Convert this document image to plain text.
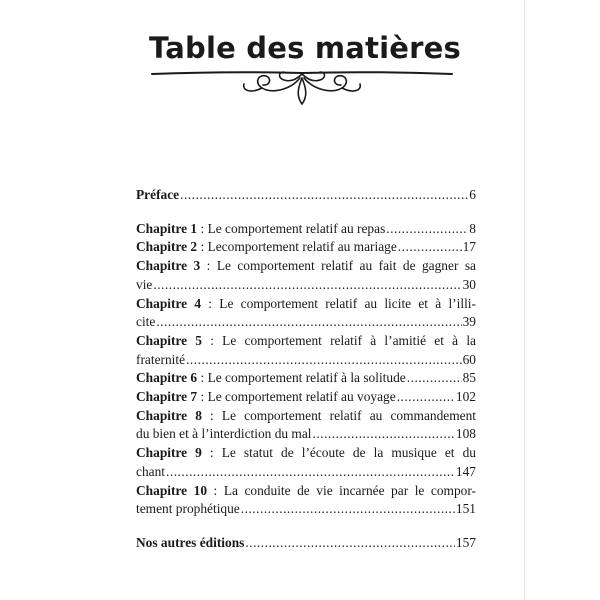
Table des matières
Préface .....	6
Chapitre 1 : Le comportement relatif au repas .....	8
Chapitre 2 : Lecomportement relatif au mariage .....	17
Chapitre 3 : Le comportement relatif au fait de gagner sa
vie .....	30
Chapitre 4 : Le comportement relatif au licite et à l’illi-
cite .....	39
Chapitre 5 : Le comportement relatif à l’amitié et à la
fraternité .....	60
Chapitre 6 : Le comportement relatif à la solitude .....	85
Chapitre 7 : Le comportement relatif au voyage .....	102
Chapitre 8 : Le comportement relatif au commandement
du bien et à l’interdiction du mal .....	108
Chapitre 9 : Le statut de l’écoute de la musique et du
chant .....	147
Chapitre 10 : La conduite de vie incarnée par le compor-
tement prophétique .....	151
Nos autres éditions .....	157
